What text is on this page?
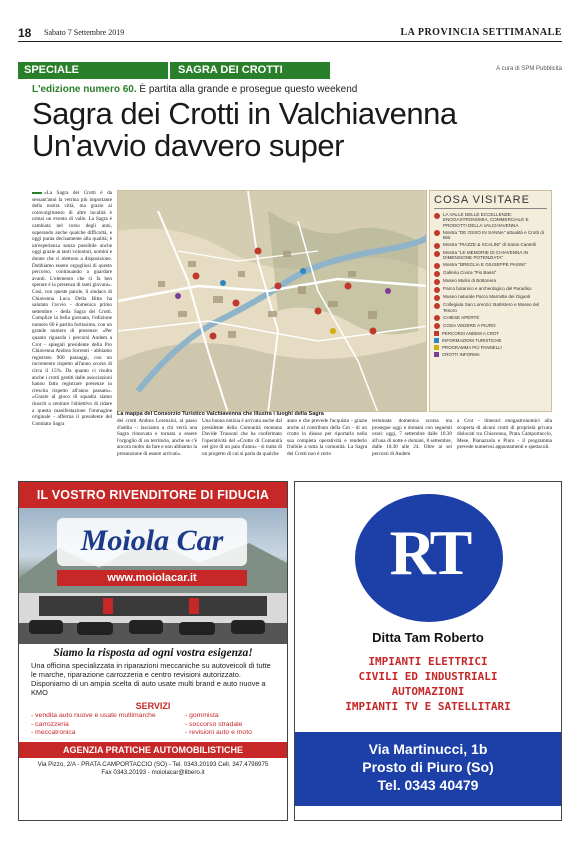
18 Sabato 7 Settembre 2019	LA PROVINCIA SETTIMANALE
SPECIALE	SAGRA DEI CROTTI	A cura di SPM Pubblicità
L'edizione numero 60. È partita alla grande e prosegue questo weekend
Sagra dei Crotti in Valchiavenna
Un'avvio davvero super
«La Sagra dei Crotti è da sessant'anni la vetrina più importante della nostra città, ma grazie ai coinvolgimento di altre località è ormai un evento di valle. La Sagra è cambiata nel corso degli anni, superando anche qualche difficoltà, e oggi punta decisamente alla qualità; è un'esperienza senza possibile anche oggi grazie ai tanti volontari, uomini e donne che ci mettono a disposizione. Dobbiamo essere orgogliosi di questo percorso, continuando a guardare avanti. L'elemento che ci fa ben sperare è la presenza di tanti giovani». Così, con queste parole, il sindaco di Chiavenna Luca Della Bitta ha salutato l'avvio - domenica primo settembre - della Sagra dei Crotti. Complice la bella giornata, l'edizione numero 60 è partita fortissimo, con un grande numero di presenze: «Per quanto riguarda i percorsi Andem a Crot - spiegali presidente della Pro Chiavenna Andrea Sorrenti - abbiamo registrato 900 passaggi, con un incremento rispetto all'anno scorso di circa il 15%. Da quanto ci risulta anche i crotti gestiti dalle associazioni hanno fatto registrare presenze in crescita rispetto all'anno passato». «Grazie al gioco di squadra siamo riusciti a centrare l'obiettivo di ridare a questa manifestazione l'immagine originale - afferma il presidente del Comitato Sagra
La mappa del Consorzio Turistico Valchiavenna che illustra i luoghi della Sagra
COSA VISITARE
LA VALLE DELLE ECCELLENZE: ENOGASTRONOMIA, COMMERCIALE E PRODOTTI DELLA VALCHIAVENNA
Mostra "DE OSSO IN SANNA" attualità e Crotti di Bisi
Mostra "PIAZZE & SCALINI" di Santo Cantelli
Mostra "LE MEMORIE DI CHIAVENNA IN DIMENSIONE POTENZIATA"
Mostra "BREGLIA E GIUSEPPE PASINI"
Galleria Civica "Pio Bassi"
Museo Mulini di Bottonera
Parco botanico e archeologico del Paradiso
Museo naturale Parco Marmitte dei Giganti
Collegiata San Lorenzo: Battistero e Museo del Tesoro
CHIESE APERTE
COSA VEDERE A PIURO
PERCORSI ANDEM A CROT
INFORMAZIONI TURISTICHE
PROGRAMMA PIÙ PANNELLI
CROTTI INFORMA
dei crotti Andrea Lorenzini, al passo d'addio -: lasciamo a chi verrà una Sagra rinnovata e tornata a essere l'orgoglio di un territorio, anche se c'è ancora molto da fare e non abbiamo la presunzione di essere arrivati».
Una buona notizia è arrivata anche dal presidente della Comunità montana Davide Trussoni che ha confermato l'operatività del «Crotto di Comunità nel giro di un paio d'anni» - si tratta di un progetto di cui si parla da qualche
anno e che prevede l'acquisto - grazie anche al contributo della Cm - di un crotto in disuso per riportarlo nella sua completa operatività e renderlo fruibile a tutta la comunità. La Sagra dei Crotti non è certo
terminata domenica scorsa ma prosegue oggi e domani con seguenti orari: oggi, 7 settembre dalle 10.30 all'una di notte e domani, 8 settembre, dalle 10.30 alle 24. Oltre ai sei percorsi di Andem
a Crot - itinerari enogastronomici alla scoperta di alcuni crotti di proprietà privata dislocati tra Chiavenna, Prata Camportaccio, Mese, Pianazzola e Piuro - il programma prevede numerosi appuntamenti e spettacoli.
IL VOSTRO RIVENDITORE DI FIDUCIA
Moiola Car
www.moiolacar.it
Siamo la risposta ad ogni vostra esigenza!
Una officina specializzata in riparazioni meccaniche su autoveicoli di tutte le marche, riparazione carrozzeria e centro revisioni autorizzato. Disponiamo di un ampia scelta di auto usate multi brand e auto nuove a KMO
SERVIZI
- vendita auto nuove e usate multimarche
- carrozzeria
- meccatronica
- gommista
- soccorso stradale
- revisioni auto e moto
AGENZIA PRATICHE AUTOMOBILISTICHE
Via Pizzo, 2/A - PRATA CAMPORTACCIO (SO) - Tel. 0343.20193 Cell. 347.4798975
Fax 0343.20193 - moiolacar@libero.it
RT
Ditta Tam Roberto
IMPIANTI ELETTRICI
CIVILI ED INDUSTRIALI
AUTOMAZIONI
IMPIANTI TV E SATELLITARI
Via Martinucci, 1b
Prosto di Piuro (So)
Tel. 0343 40479
